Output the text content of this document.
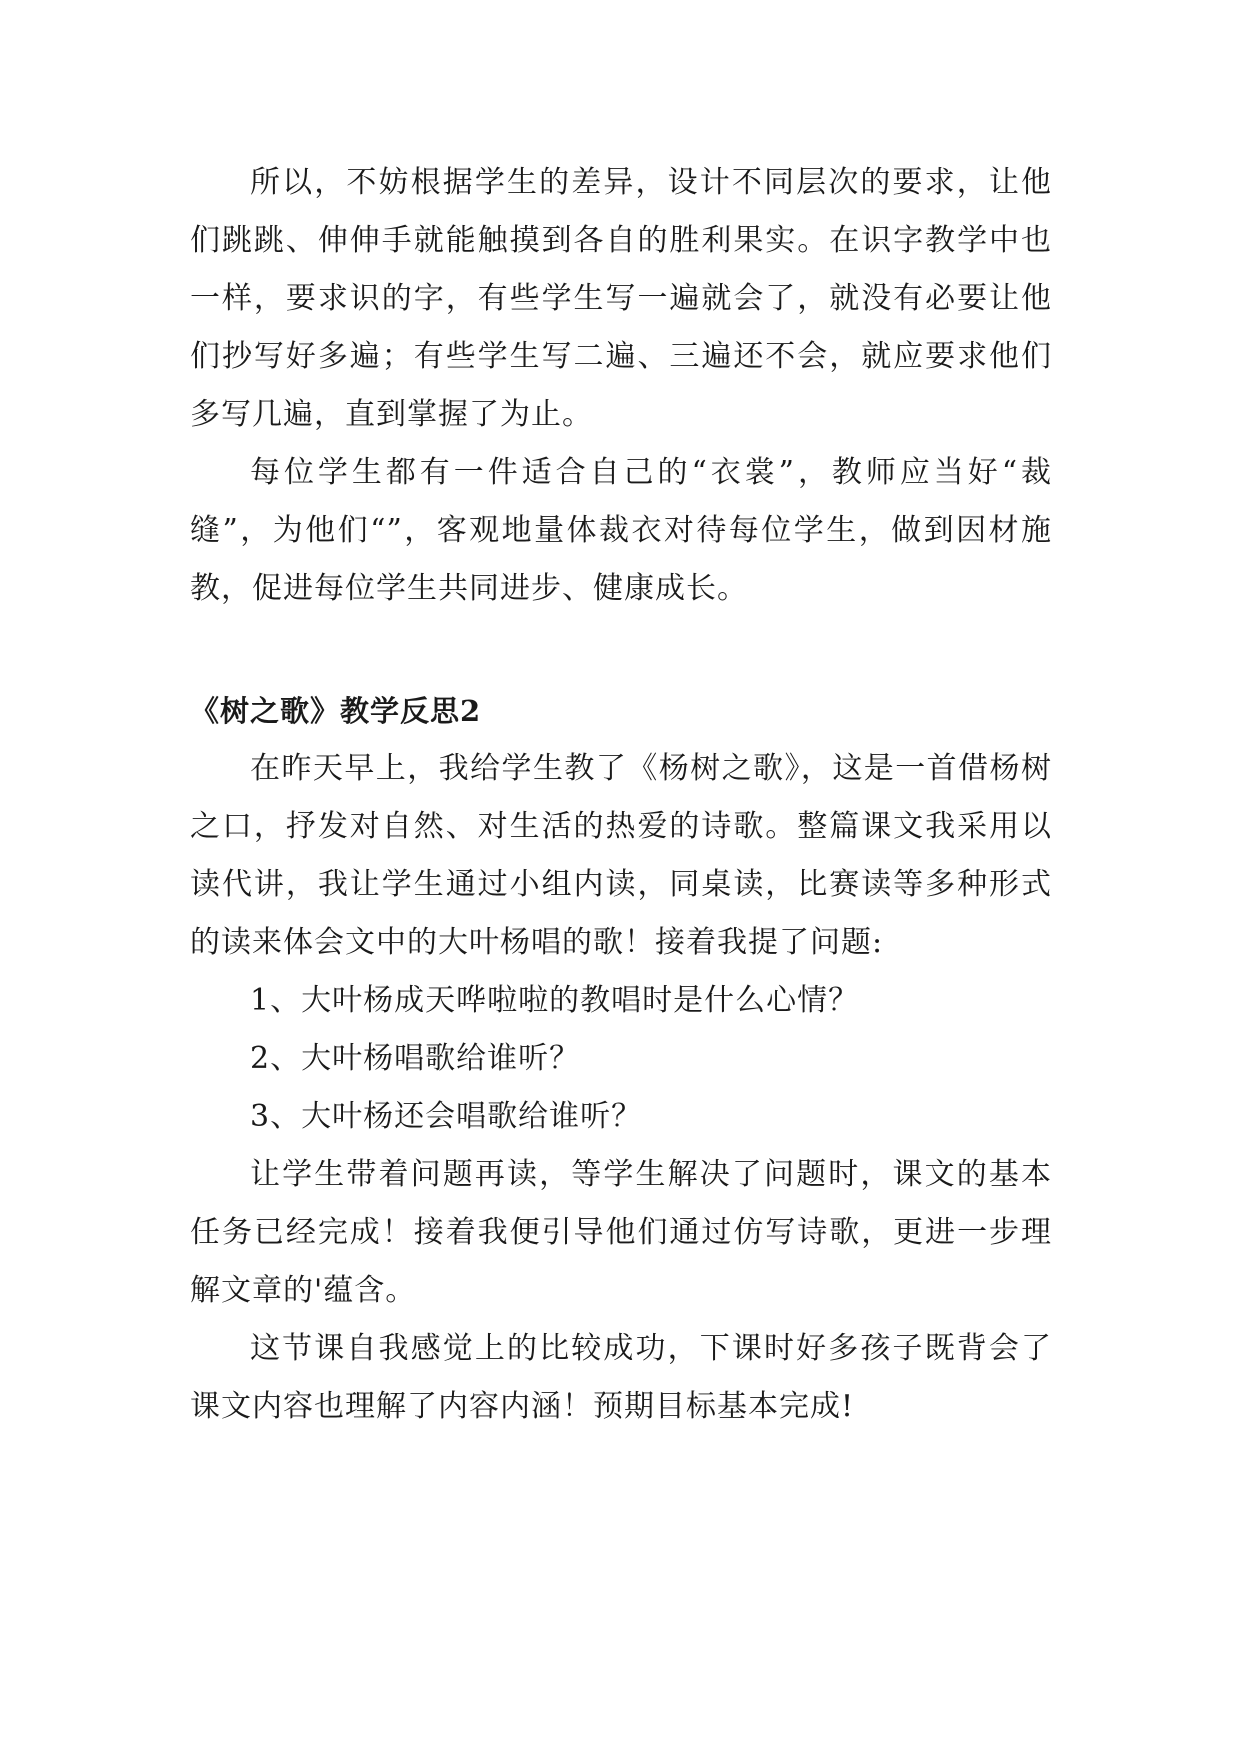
所以，不妨根据学生的差异，设计不同层次的要求，让他们跳跳、伸伸手就能触摸到各自的胜利果实。在识字教学中也一样，要求识的字，有些学生写一遍就会了，就没有必要让他们抄写好多遍；有些学生写二遍、三遍还不会，就应要求他们多写几遍，直到掌握了为止。

每位学生都有一件适合自己的“衣裳”，教师应当好“裁缝”，为他们“”，客观地量体裁衣对待每位学生，做到因材施教，促进每位学生共同进步、健康成长。

《树之歌》教学反思2

在昨天早上，我给学生教了《杨树之歌》，这是一首借杨树之口，抒发对自然、对生活的热爱的诗歌。整篇课文我采用以读代讲，我让学生通过小组内读，同桌读，比赛读等多种形式的读来体会文中的大叶杨唱的歌！接着我提了问题:

1、大叶杨成天哗啦啦的教唱时是什么心情？

2、大叶杨唱歌给谁听？

3、大叶杨还会唱歌给谁听？

让学生带着问题再读，等学生解决了问题时，课文的基本任务已经完成！接着我便引导他们通过仿写诗歌，更进一步理解文章的'蕴含。

这节课自我感觉上的比较成功，下课时好多孩子既背会了课文内容也理解了内容内涵！预期目标基本完成!
